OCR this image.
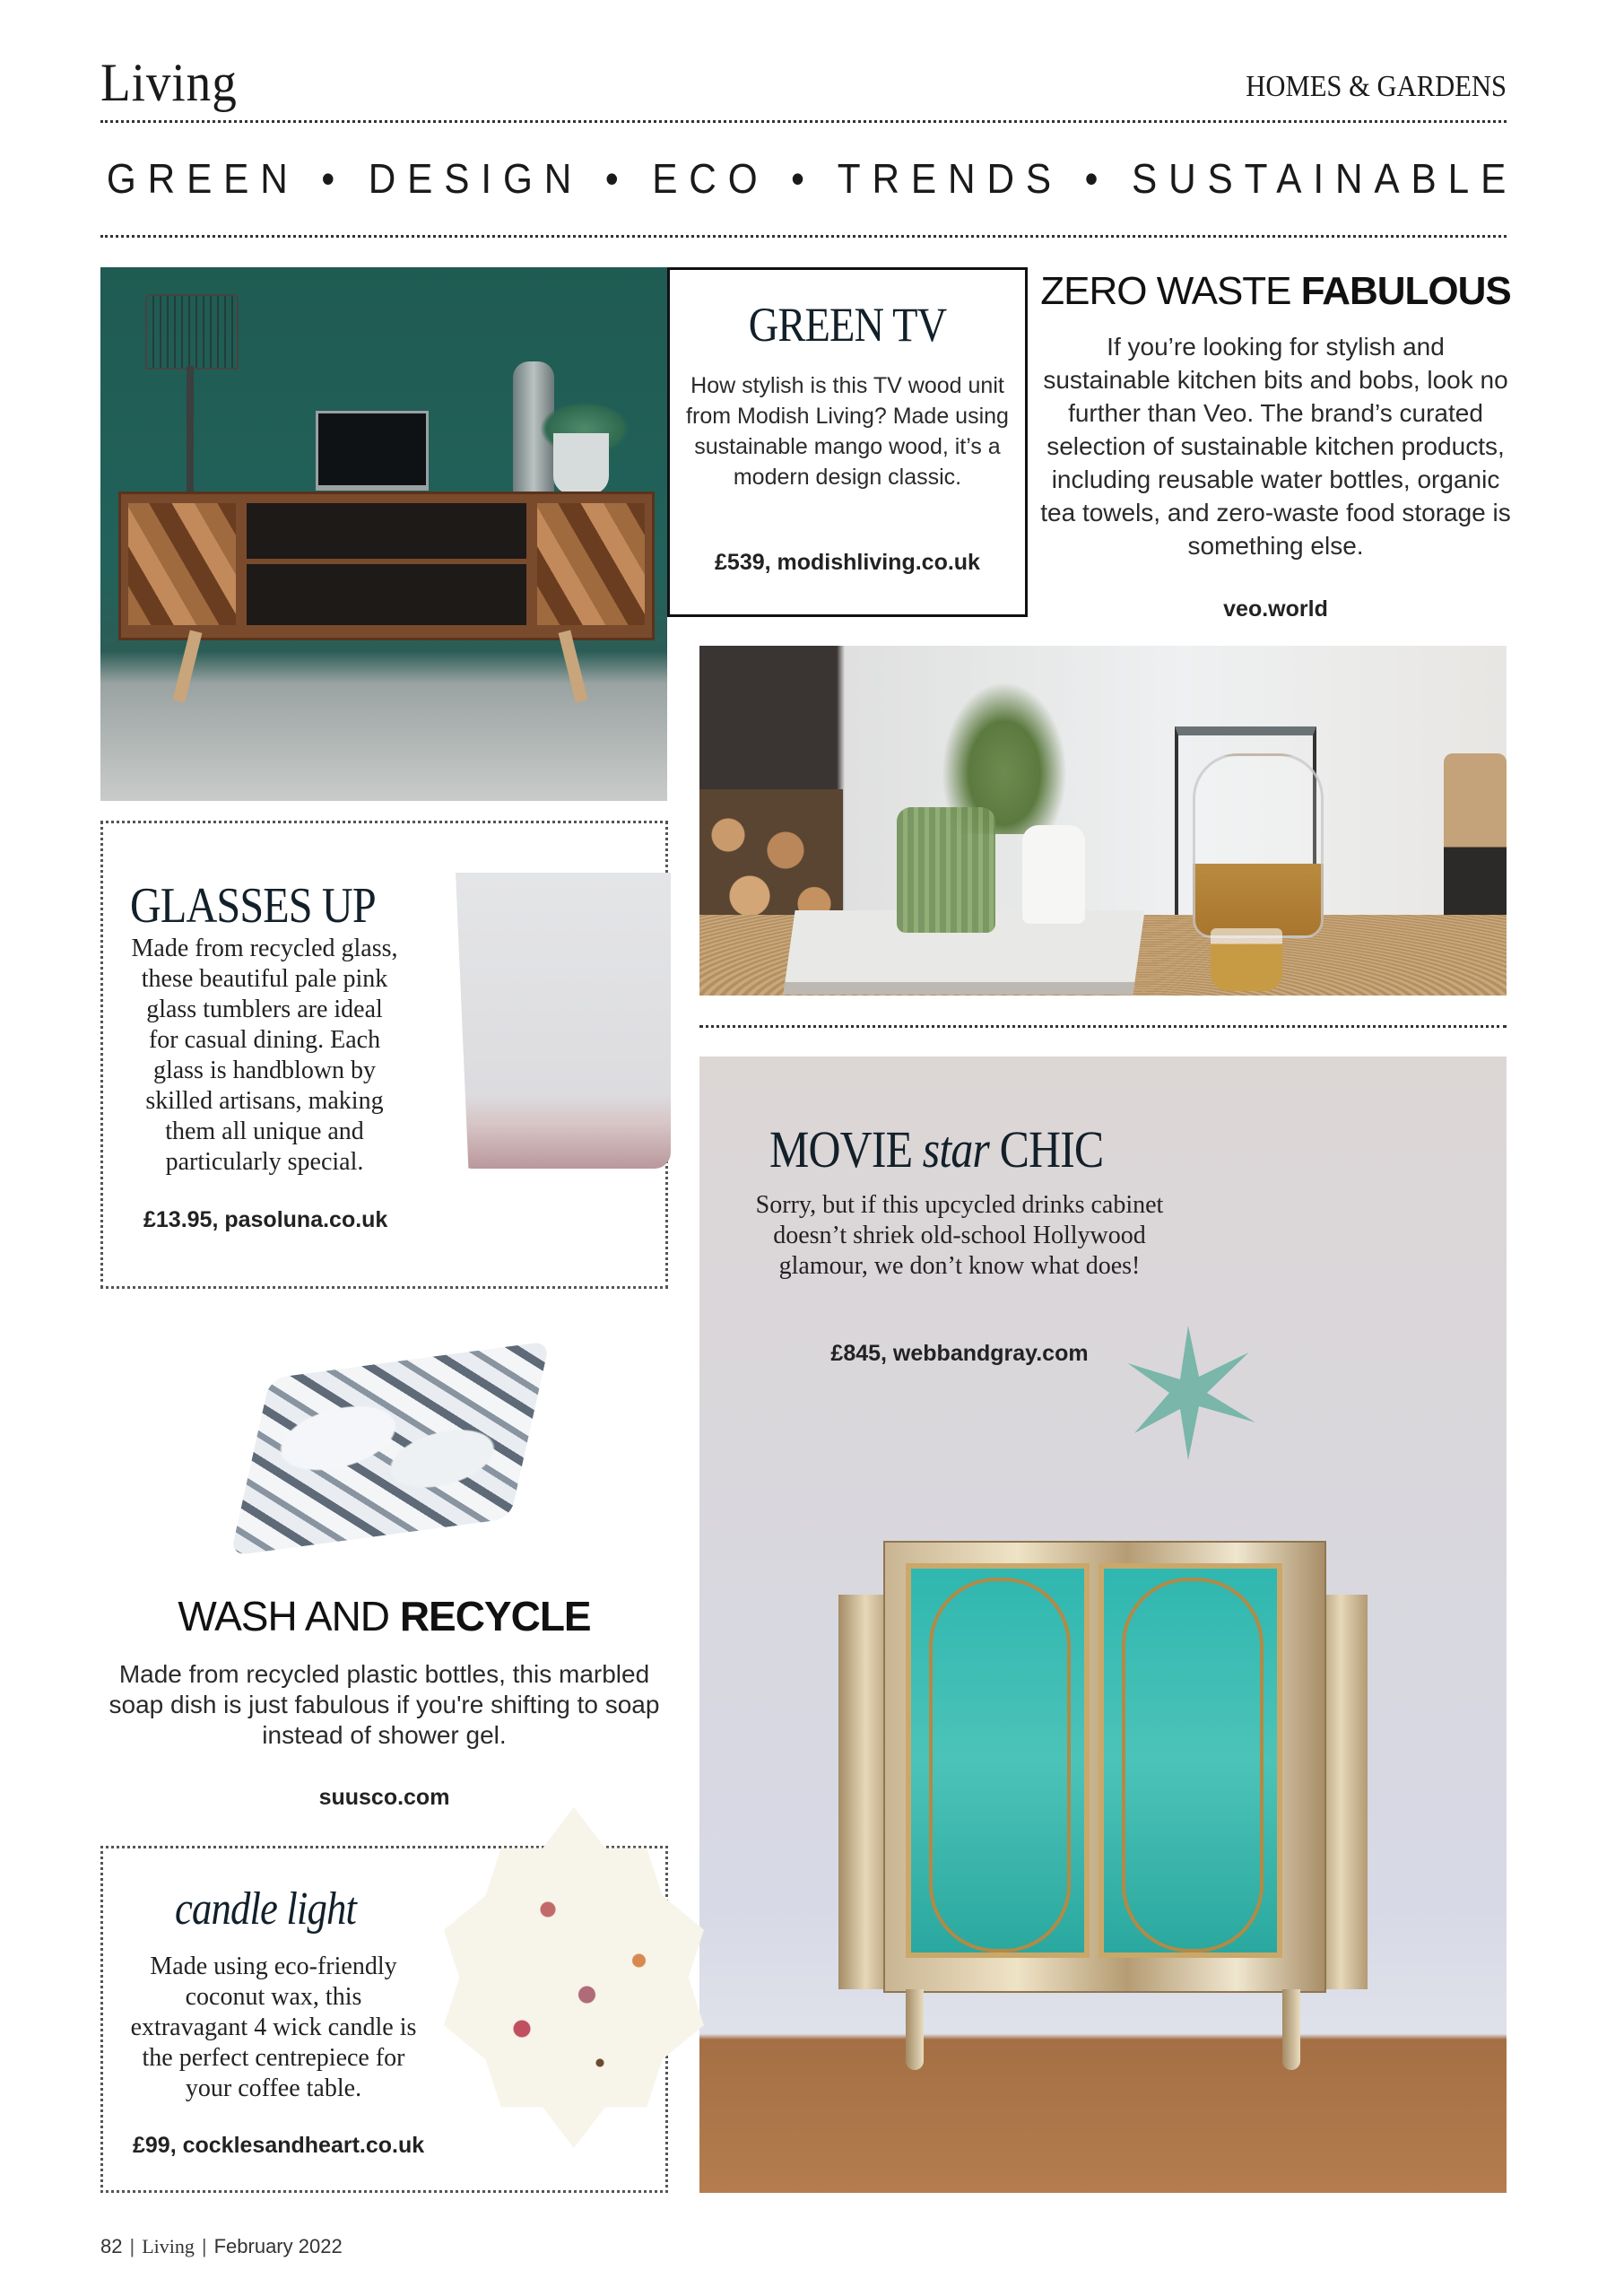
Living	HOMES & GARDENS
GREEN • DESIGN • ECO • TRENDS • SUSTAINABLE
GREEN TV
How stylish is this TV wood unit from Modish Living? Made using sustainable mango wood, it’s a modern design classic.
£539, modishliving.co.uk
ZERO WASTE FABULOUS
If you’re looking for stylish and sustainable kitchen bits and bobs, look no further than Veo. The brand’s curated selection of sustainable kitchen products, including reusable water bottles, organic tea towels, and zero-waste food storage is something else.
veo.world
MOVIE star CHIC
Sorry, but if this upcycled drinks cabinet doesn’t shriek old-school Hollywood glamour, we don’t know what does!
£845, webbandgray.com
GLASSES UP
Made from recycled glass, these beautiful pale pink glass tumblers are ideal for casual dining. Each glass is handblown by skilled artisans, making them all unique and particularly special.
£13.95, pasoluna.co.uk
WASH AND RECYCLE
Made from recycled plastic bottles, this marbled soap dish is just fabulous if you're shifting to soap instead of shower gel.
suusco.com
candle light
Made using eco-friendly coconut wax, this extravagant 4 wick candle is the perfect centrepiece for your coffee table.
£99, cocklesandheart.co.uk
82 | Living | February 2022
